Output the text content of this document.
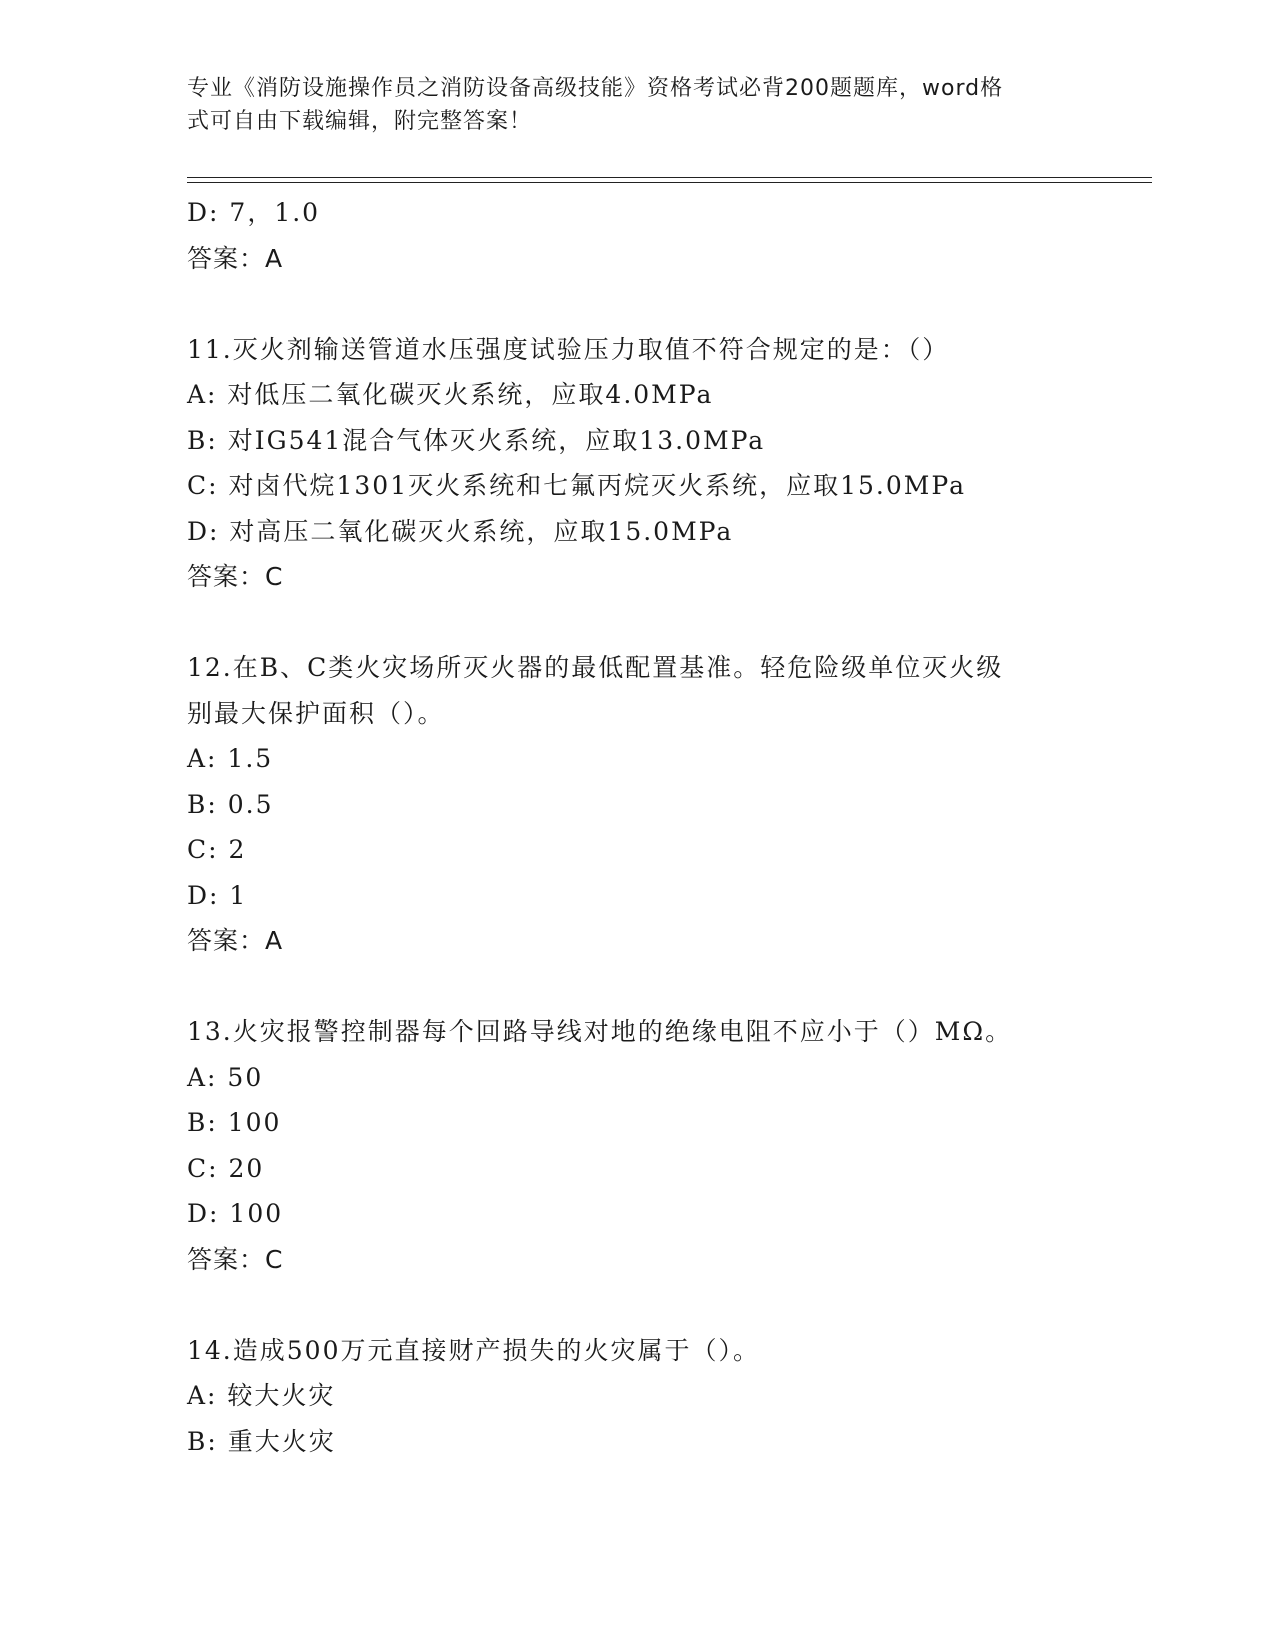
专业《消防设施操作员之消防设备高级技能》资格考试必背200题题库，word格
式可自由下载编辑，附完整答案！
D: 7，1.0
答案：A
11.灭火剂输送管道水压强度试验压力取值不符合规定的是：（）
A: 对低压二氧化碳灭火系统，应取4.0MPa
B: 对IG541混合气体灭火系统，应取13.0MPa
C: 对卤代烷1301灭火系统和七氟丙烷灭火系统，应取15.0MPa
D: 对高压二氧化碳灭火系统，应取15.0MPa
答案：C
12.在B、C类火灾场所灭火器的最低配置基准。轻危险级单位灭火级
别最大保护面积（）。
A: 1.5
B: 0.5
C: 2
D: 1
答案：A
13.火灾报警控制器每个回路导线对地的绝缘电阻不应小于（）MΩ。
A: 50
B: 100
C: 20
D: 100
答案：C
14.造成500万元直接财产损失的火灾属于（）。
A: 较大火灾
B: 重大火灾
